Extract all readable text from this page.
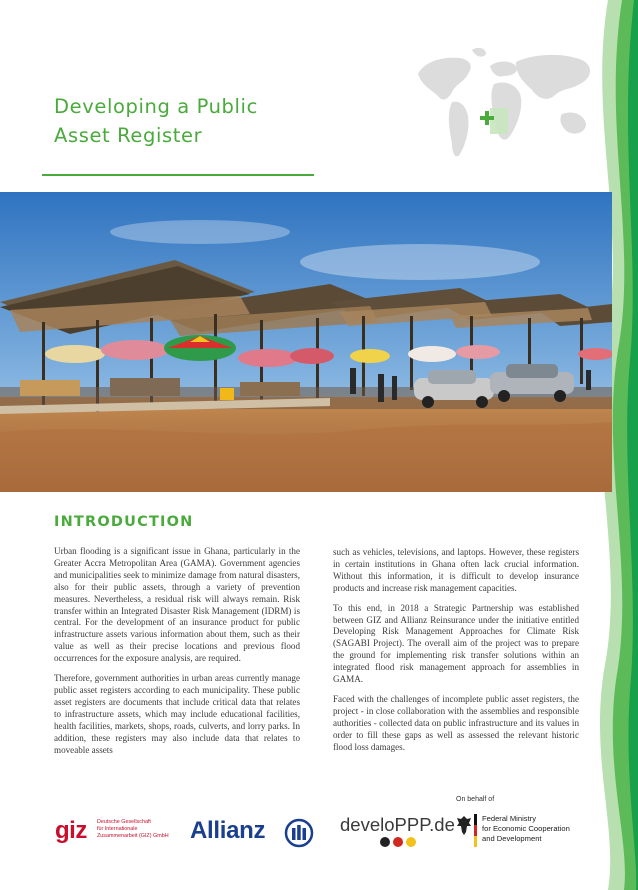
Developing a Public
Asset Register
INTRODUCTION

Urban flooding is a significant issue in Ghana, particularly in the Greater Accra Metropolitan Area (GAMA). Government agencies and municipalities seek to minimize damage from natural disasters, also for their public assets, through a variety of prevention measures. Nevertheless, a residual risk will always remain. Risk transfer within an Integrated Disaster Risk Management (IDRM) is central. For the development of an insurance product for public infrastructure assets various information about them, such as their value as well as their precise locations and previous flood occurrences for the exposure analysis, are required.

Therefore, government authorities in urban areas currently manage public asset registers according to each municipality. These public asset registers are documents that include critical data that relates to infrastructure assets, which may include educational facilities, health facilities, markets, shops, roads, culverts, and lorry parks. In addition, these registers may also include data that relates to moveable assets

such as vehicles, televisions, and laptops. However, these registers in certain institutions in Ghana often lack crucial information. Without this information, it is difficult to develop insurance products and increase risk management capacities.

To this end, in 2018 a Strategic Partnership was established between GIZ and Allianz Reinsurance under the initiative entitled Developing Risk Management Approaches for Climate Risk (SAGABI Project). The overall aim of the project was to prepare the ground for implementing risk transfer solutions within an integrated flood risk management approach for assemblies in GAMA.

Faced with the challenges of incomplete public asset registers, the project - in close collaboration with the assemblies and responsible authorities - collected data on public infrastructure and its values in order to fill these gaps as well as assessed the relevant historic flood loss damages.

On behalf of
giz Deutsche Gesellschaft
für Internationale
Zusammenarbeit (GIZ) GmbH Allianz	develoPPP.de	Federal Ministry
for Economic Cooperation
and Development
